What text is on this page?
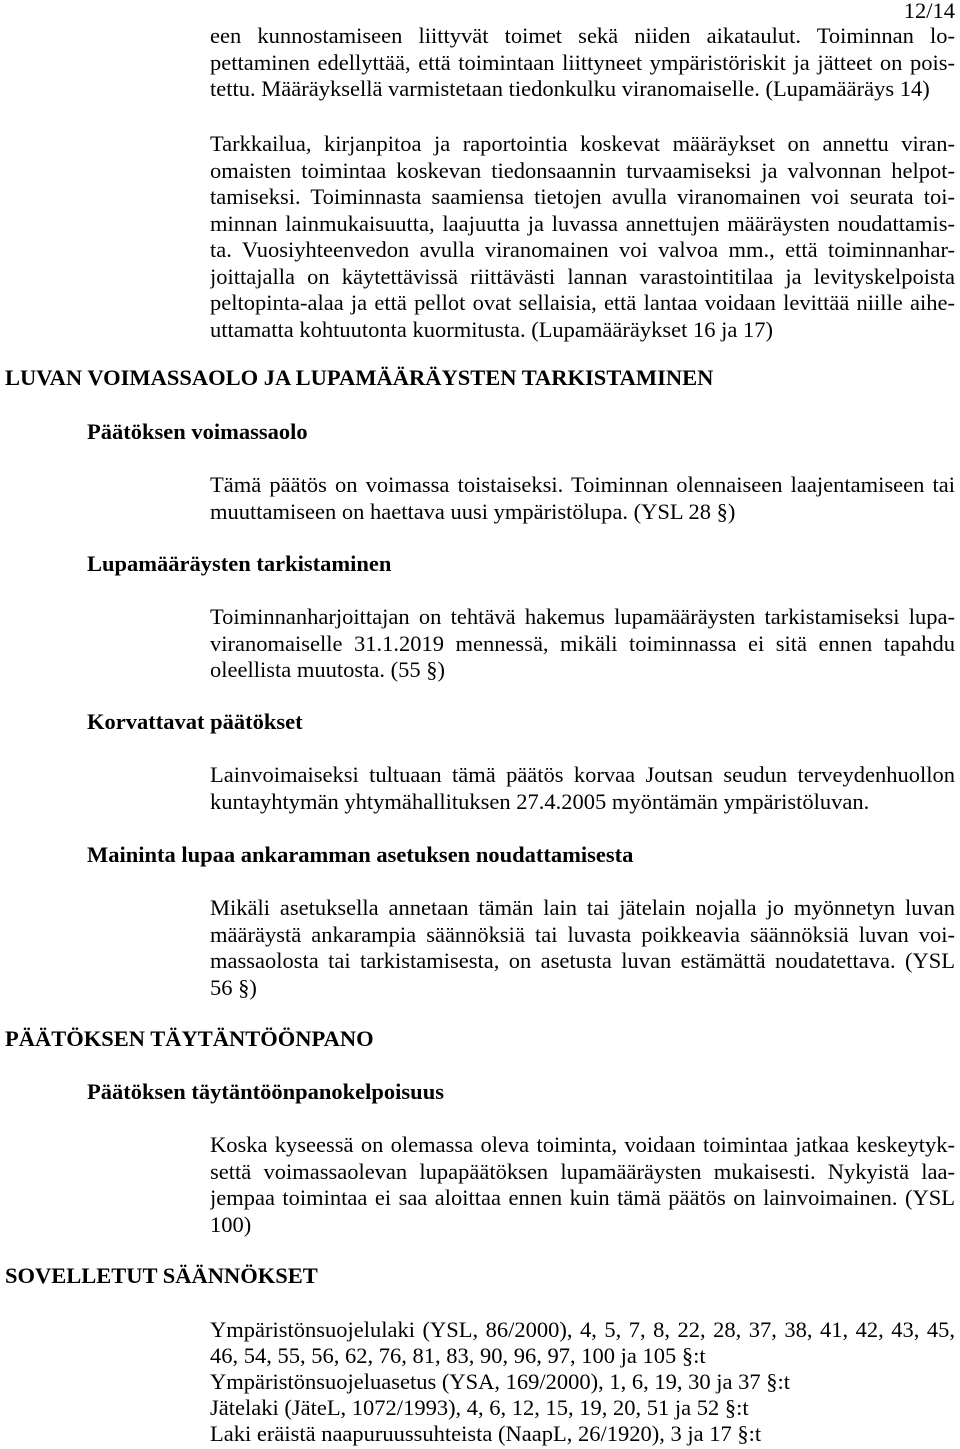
12/14
een kunnostamiseen liittyvät toimet sekä niiden aikataulut. Toiminnan lo-
pettaminen edellyttää, että toimintaan liittyneet ympäristöriskit ja jätteet on pois-
tettu. Määräyksellä varmistetaan tiedonkulku viranomaiselle. (Lupamääräys 14)
Tarkkailua, kirjanpitoa ja raportointia koskevat määräykset on annettu viran-
omaisten toimintaa koskevan tiedonsaannin turvaamiseksi ja valvonnan helpot-
tamiseksi. Toiminnasta saamiensa tietojen avulla viranomainen voi seurata toi-
minnan lainmukaisuutta, laajuutta ja luvassa annettujen määräysten noudattamis-
ta. Vuosiyhteenvedon avulla viranomainen voi valvoa mm., että toiminnanhar-
joittajalla on käytettävissä riittävästi lannan varastointitilaa ja levityskelpoista
peltopinta-alaa ja että pellot ovat sellaisia, että lantaa voidaan levittää niille aihe-
uttamatta kohtuutonta kuormitusta. (Lupamääräykset 16 ja 17)
LUVAN VOIMASSAOLO JA LUPAMÄÄRÄYSTEN TARKISTAMINEN
Päätöksen voimassaolo
Tämä päätös on voimassa toistaiseksi. Toiminnan olennaiseen laajentamiseen tai
muuttamiseen on haettava uusi ympäristölupa. (YSL 28 §)
Lupamääräysten tarkistaminen
Toiminnanharjoittajan on tehtävä hakemus lupamääräysten tarkistamiseksi lupa-
viranomaiselle 31.1.2019 mennessä, mikäli toiminnassa ei sitä ennen tapahdu
oleellista muutosta. (55 §)
Korvattavat päätökset
Lainvoimaiseksi tultuaan tämä päätös korvaa Joutsan seudun terveydenhuollon
kuntayhtymän yhtymähallituksen 27.4.2005 myöntämän ympäristöluvan.
Maininta lupaa ankaramman asetuksen noudattamisesta
Mikäli asetuksella annetaan tämän lain tai jätelain nojalla jo myönnetyn luvan
määräystä ankarampia säännöksiä tai luvasta poikkeavia säännöksiä luvan voi-
massaolosta tai tarkistamisesta, on asetusta luvan estämättä noudatettava. (YSL
56 §)
PÄÄTÖKSEN TÄYTÄNTÖÖNPANO
Päätöksen täytäntöönpanokelpoisuus
Koska kyseessä on olemassa oleva toiminta, voidaan toimintaa jatkaa keskeytyk-
settä voimassaolevan lupapäätöksen lupamääräysten mukaisesti. Nykyistä laa-
jempaa toimintaa ei saa aloittaa ennen kuin tämä päätös on lainvoimainen. (YSL
100)
SOVELLETUT SÄÄNNÖKSET
Ympäristönsuojelulaki (YSL, 86/2000), 4, 5, 7, 8, 22, 28, 37, 38, 41, 42, 43, 45,
46, 54, 55, 56, 62, 76, 81, 83, 90, 96, 97, 100 ja 105 §:t
Ympäristönsuojeluasetus (YSA, 169/2000), 1, 6, 19, 30 ja 37 §:t
Jätelaki (JäteL, 1072/1993), 4, 6, 12, 15, 19, 20, 51 ja 52 §:t
Laki eräistä naapuruussuhteista (NaapL, 26/1920), 3 ja 17 §:t
